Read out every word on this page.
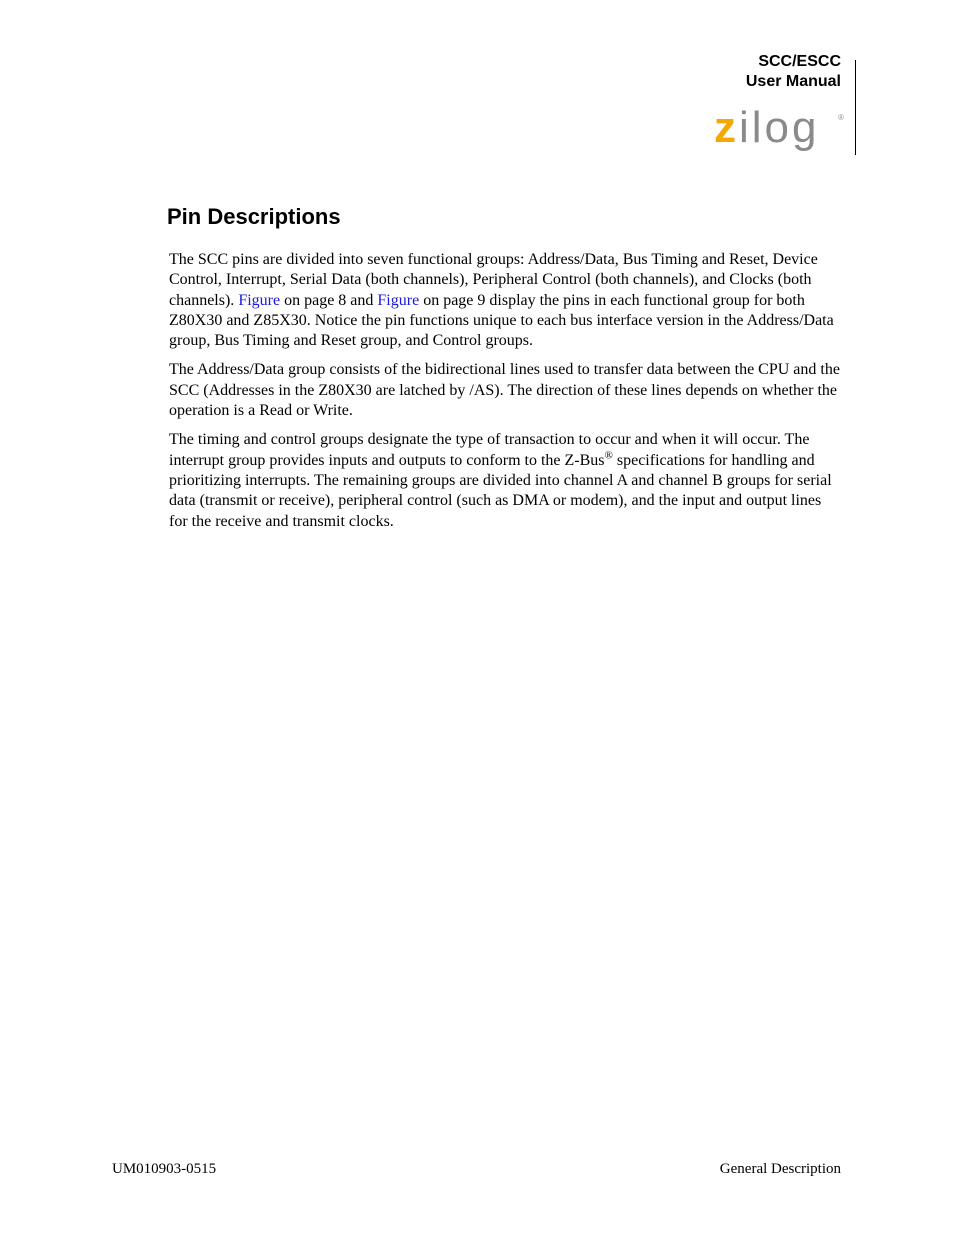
SCC/ESCC
User Manual
zilog ®
Pin Descriptions

The SCC pins are divided into seven functional groups: Address/Data, Bus Timing and Reset, Device Control, Interrupt, Serial Data (both channels), Peripheral Control (both channels), and Clocks (both channels). Figure on page 8 and Figure on page 9 display the pins in each functional group for both Z80X30 and Z85X30. Notice the pin functions unique to each bus interface version in the Address/Data group, Bus Timing and Reset group, and Control groups.

The Address/Data group consists of the bidirectional lines used to transfer data between the CPU and the SCC (Addresses in the Z80X30 are latched by /AS). The direction of these lines depends on whether the operation is a Read or Write.

The timing and control groups designate the type of transaction to occur and when it will occur. The interrupt group provides inputs and outputs to conform to the Z-Bus® specifications for handling and prioritizing interrupts. The remaining groups are divided into channel A and channel B groups for serial data (transmit or receive), peripheral control (such as DMA or modem), and the input and output lines for the receive and transmit clocks.

UM010903-0515	General Description
